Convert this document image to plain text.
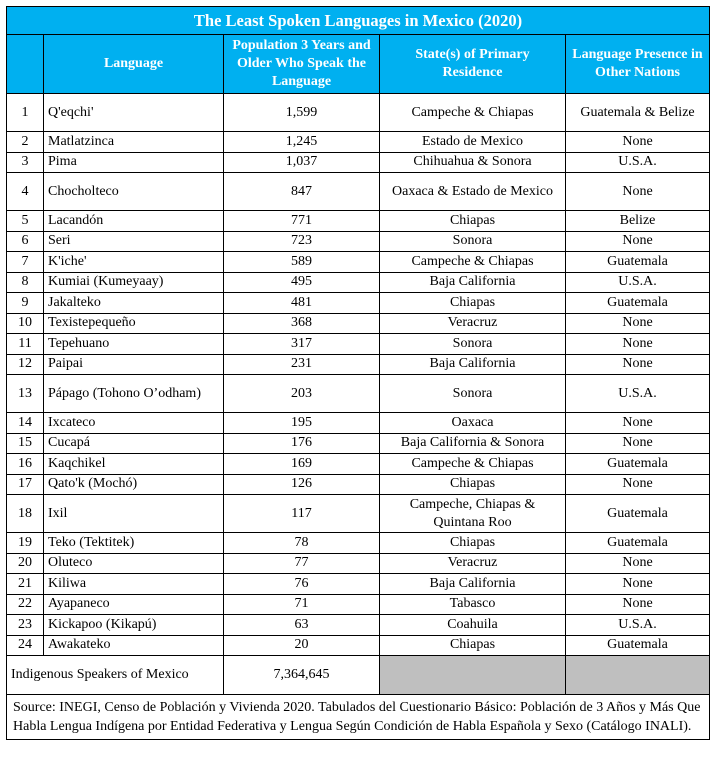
The Least Spoken Languages in Mexico (2020)				
	Language	Population 3 Years and Older Who Speak the Language	State(s) of Primary Residence	Language Presence in Other Nations
1	Q'eqchi'	1,599	Campeche & Chiapas	Guatemala & Belize
2	Matlatzinca	1,245	Estado de Mexico	None
3	Pima	1,037	Chihuahua & Sonora	U.S.A.
4	Chocholteco	847	Oaxaca & Estado de Mexico	None
5	Lacandón	771	Chiapas	Belize
6	Seri	723	Sonora	None
7	K'iche'	589	Campeche & Chiapas	Guatemala
8	Kumiai (Kumeyaay)	495	Baja California	U.S.A.
9	Jakalteko	481	Chiapas	Guatemala
10	Texistepequeño	368	Veracruz	None
11	Tepehuano	317	Sonora	None
12	Paipai	231	Baja California	None
13	Pápago (Tohono O’odham)	203	Sonora	U.S.A.
14	Ixcateco	195	Oaxaca	None
15	Cucapá	176	Baja California & Sonora	None
16	Kaqchikel	169	Campeche & Chiapas	Guatemala
17	Qato'k (Mochó)	126	Chiapas	None
18	Ixil	117	Campeche, Chiapas & Quintana Roo	Guatemala
19	Teko (Tektitek)	78	Chiapas	Guatemala
20	Oluteco	77	Veracruz	None
21	Kiliwa	76	Baja California	None
22	Ayapaneco	71	Tabasco	None
23	Kickapoo (Kikapú)	63	Coahuila	U.S.A.
24	Awakateko	20	Chiapas	Guatemala
Indigenous Speakers of Mexico		7,364,645		
Source: INEGI, Censo de Población y Vivienda 2020. Tabulados del Cuestionario Básico: Población de 3 Años y Más Que Habla Lengua Indígena por Entidad Federativa y Lengua Según Condición de Habla Española y Sexo (Catálogo INALI).				
